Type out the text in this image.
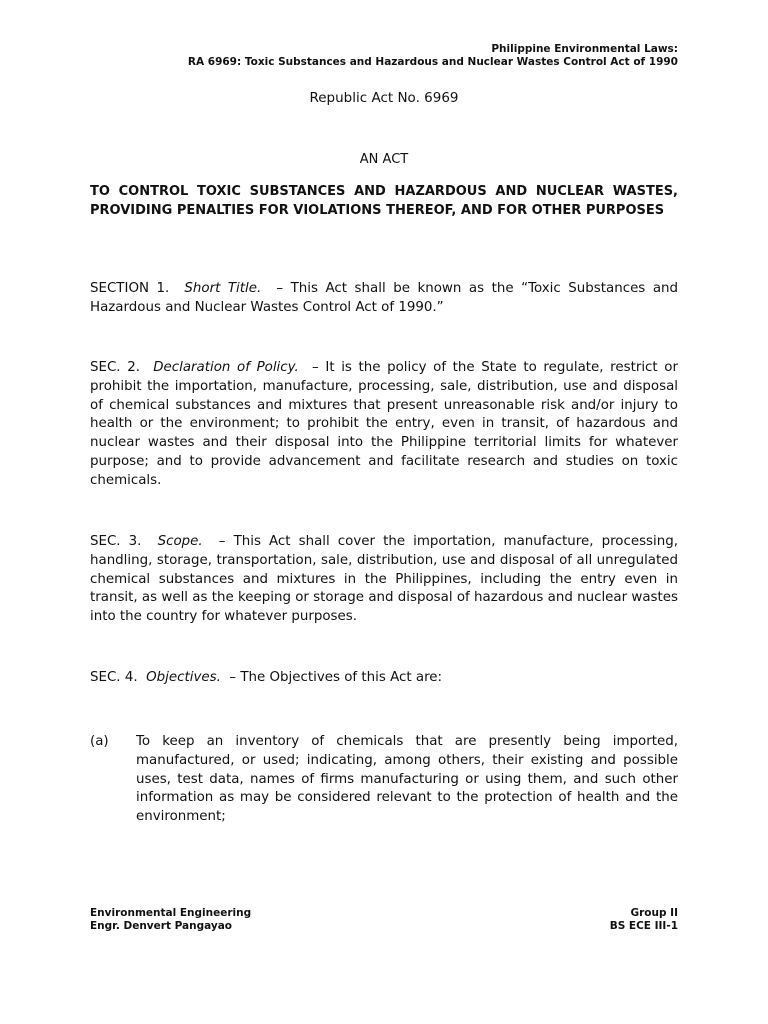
Philippine Environmental Laws:
RA 6969: Toxic Substances and Hazardous and Nuclear Wastes Control Act of 1990
Republic Act No. 6969
AN ACT
TO CONTROL TOXIC SUBSTANCES AND HAZARDOUS AND NUCLEAR WASTES, PROVIDING PENALTIES FOR VIOLATIONS THEREOF, AND FOR OTHER PURPOSES
SECTION 1. Short Title. – This Act shall be known as the “Toxic Substances and Hazardous and Nuclear Wastes Control Act of 1990.”
SEC. 2. Declaration of Policy. – It is the policy of the State to regulate, restrict or prohibit the importation, manufacture, processing, sale, distribution, use and disposal of chemical substances and mixtures that present unreasonable risk and/or injury to health or the environment; to prohibit the entry, even in transit, of hazardous and nuclear wastes and their disposal into the Philippine territorial limits for whatever purpose; and to provide advancement and facilitate research and studies on toxic chemicals.
SEC. 3. Scope. – This Act shall cover the importation, manufacture, processing, handling, storage, transportation, sale, distribution, use and disposal of all unregulated chemical substances and mixtures in the Philippines, including the entry even in transit, as well as the keeping or storage and disposal of hazardous and nuclear wastes into the country for whatever purposes.
SEC. 4. Objectives. – The Objectives of this Act are:
(a) To keep an inventory of chemicals that are presently being imported, manufactured, or used; indicating, among others, their existing and possible uses, test data, names of firms manufacturing or using them, and such other information as may be considered relevant to the protection of health and the environment;
Environmental Engineering
Engr. Denvert Pangayao
Group II
BS ECE III-1
